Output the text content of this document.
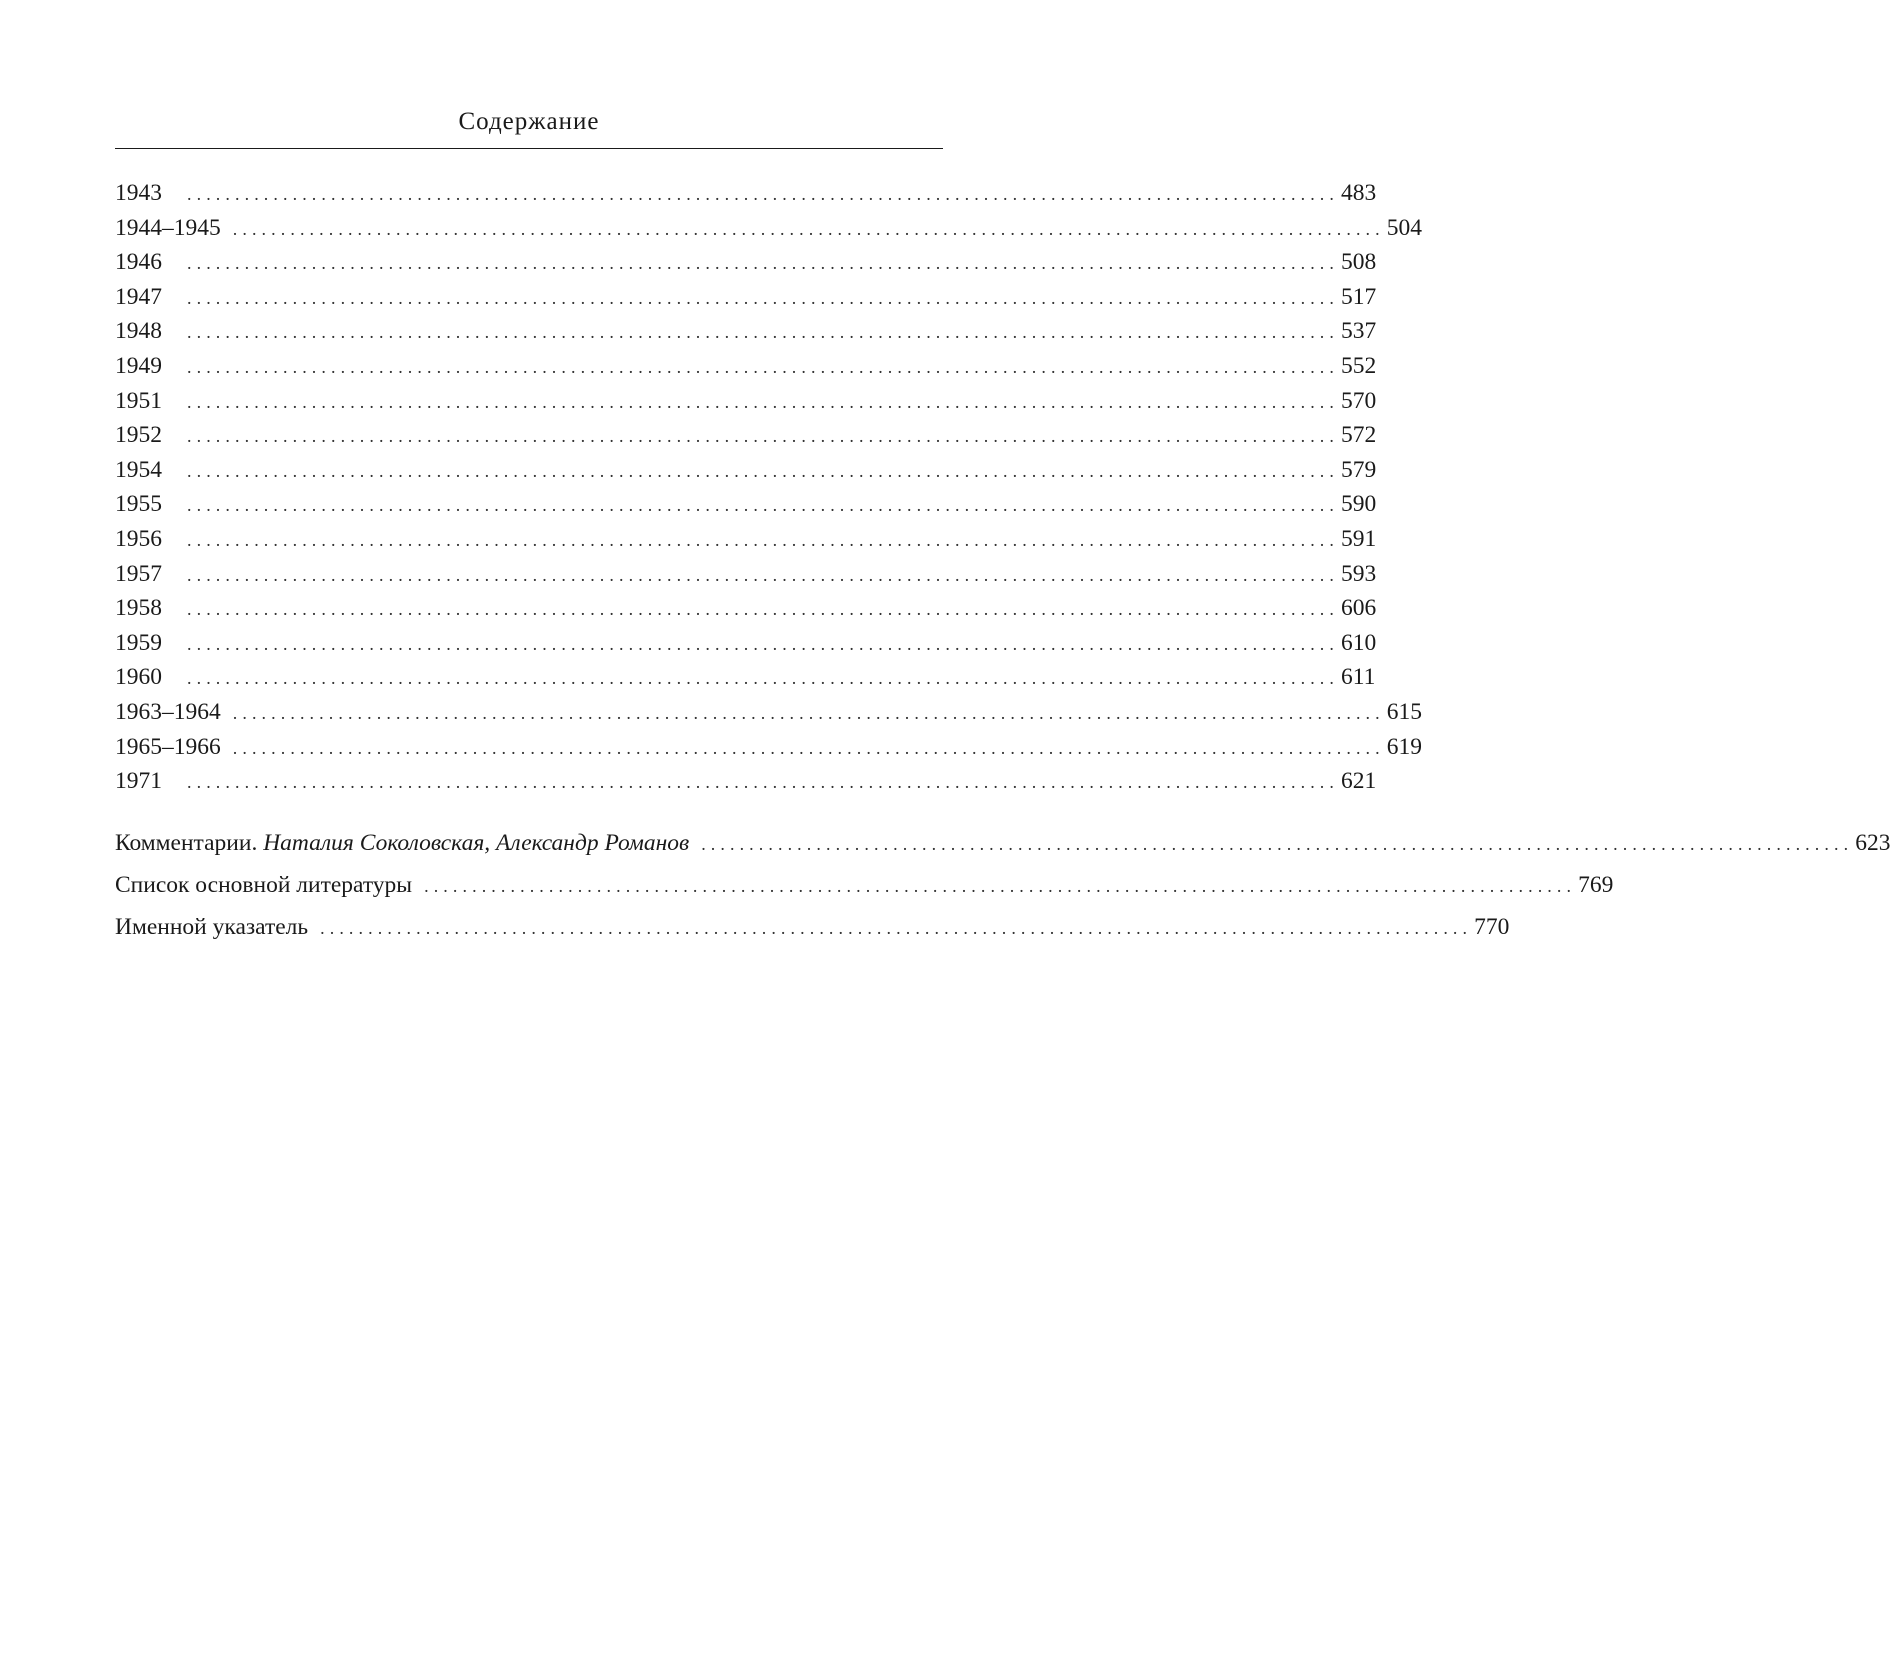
Содержание
1943	........................................................................................................................ 483
1944–1945 ........................................................................................................................ 504
1946	........................................................................................................................ 508
1947	........................................................................................................................ 517
1948	........................................................................................................................ 537
1949	........................................................................................................................ 552
1951	........................................................................................................................ 570
1952	........................................................................................................................ 572
1954	........................................................................................................................ 579
1955	........................................................................................................................ 590
1956	........................................................................................................................ 591
1957	........................................................................................................................ 593
1958	........................................................................................................................ 606
1959	........................................................................................................................ 610
1960	........................................................................................................................ 611
1963–1964 ........................................................................................................................ 615
1965–1966 ........................................................................................................................ 619
1971	........................................................................................................................ 621
Комментарии. Наталия Соколовская, Александр Романов ........................................................................................................................ 623
Список основной литературы ........................................................................................................................ 769
Именной указатель ........................................................................................................................ 770
